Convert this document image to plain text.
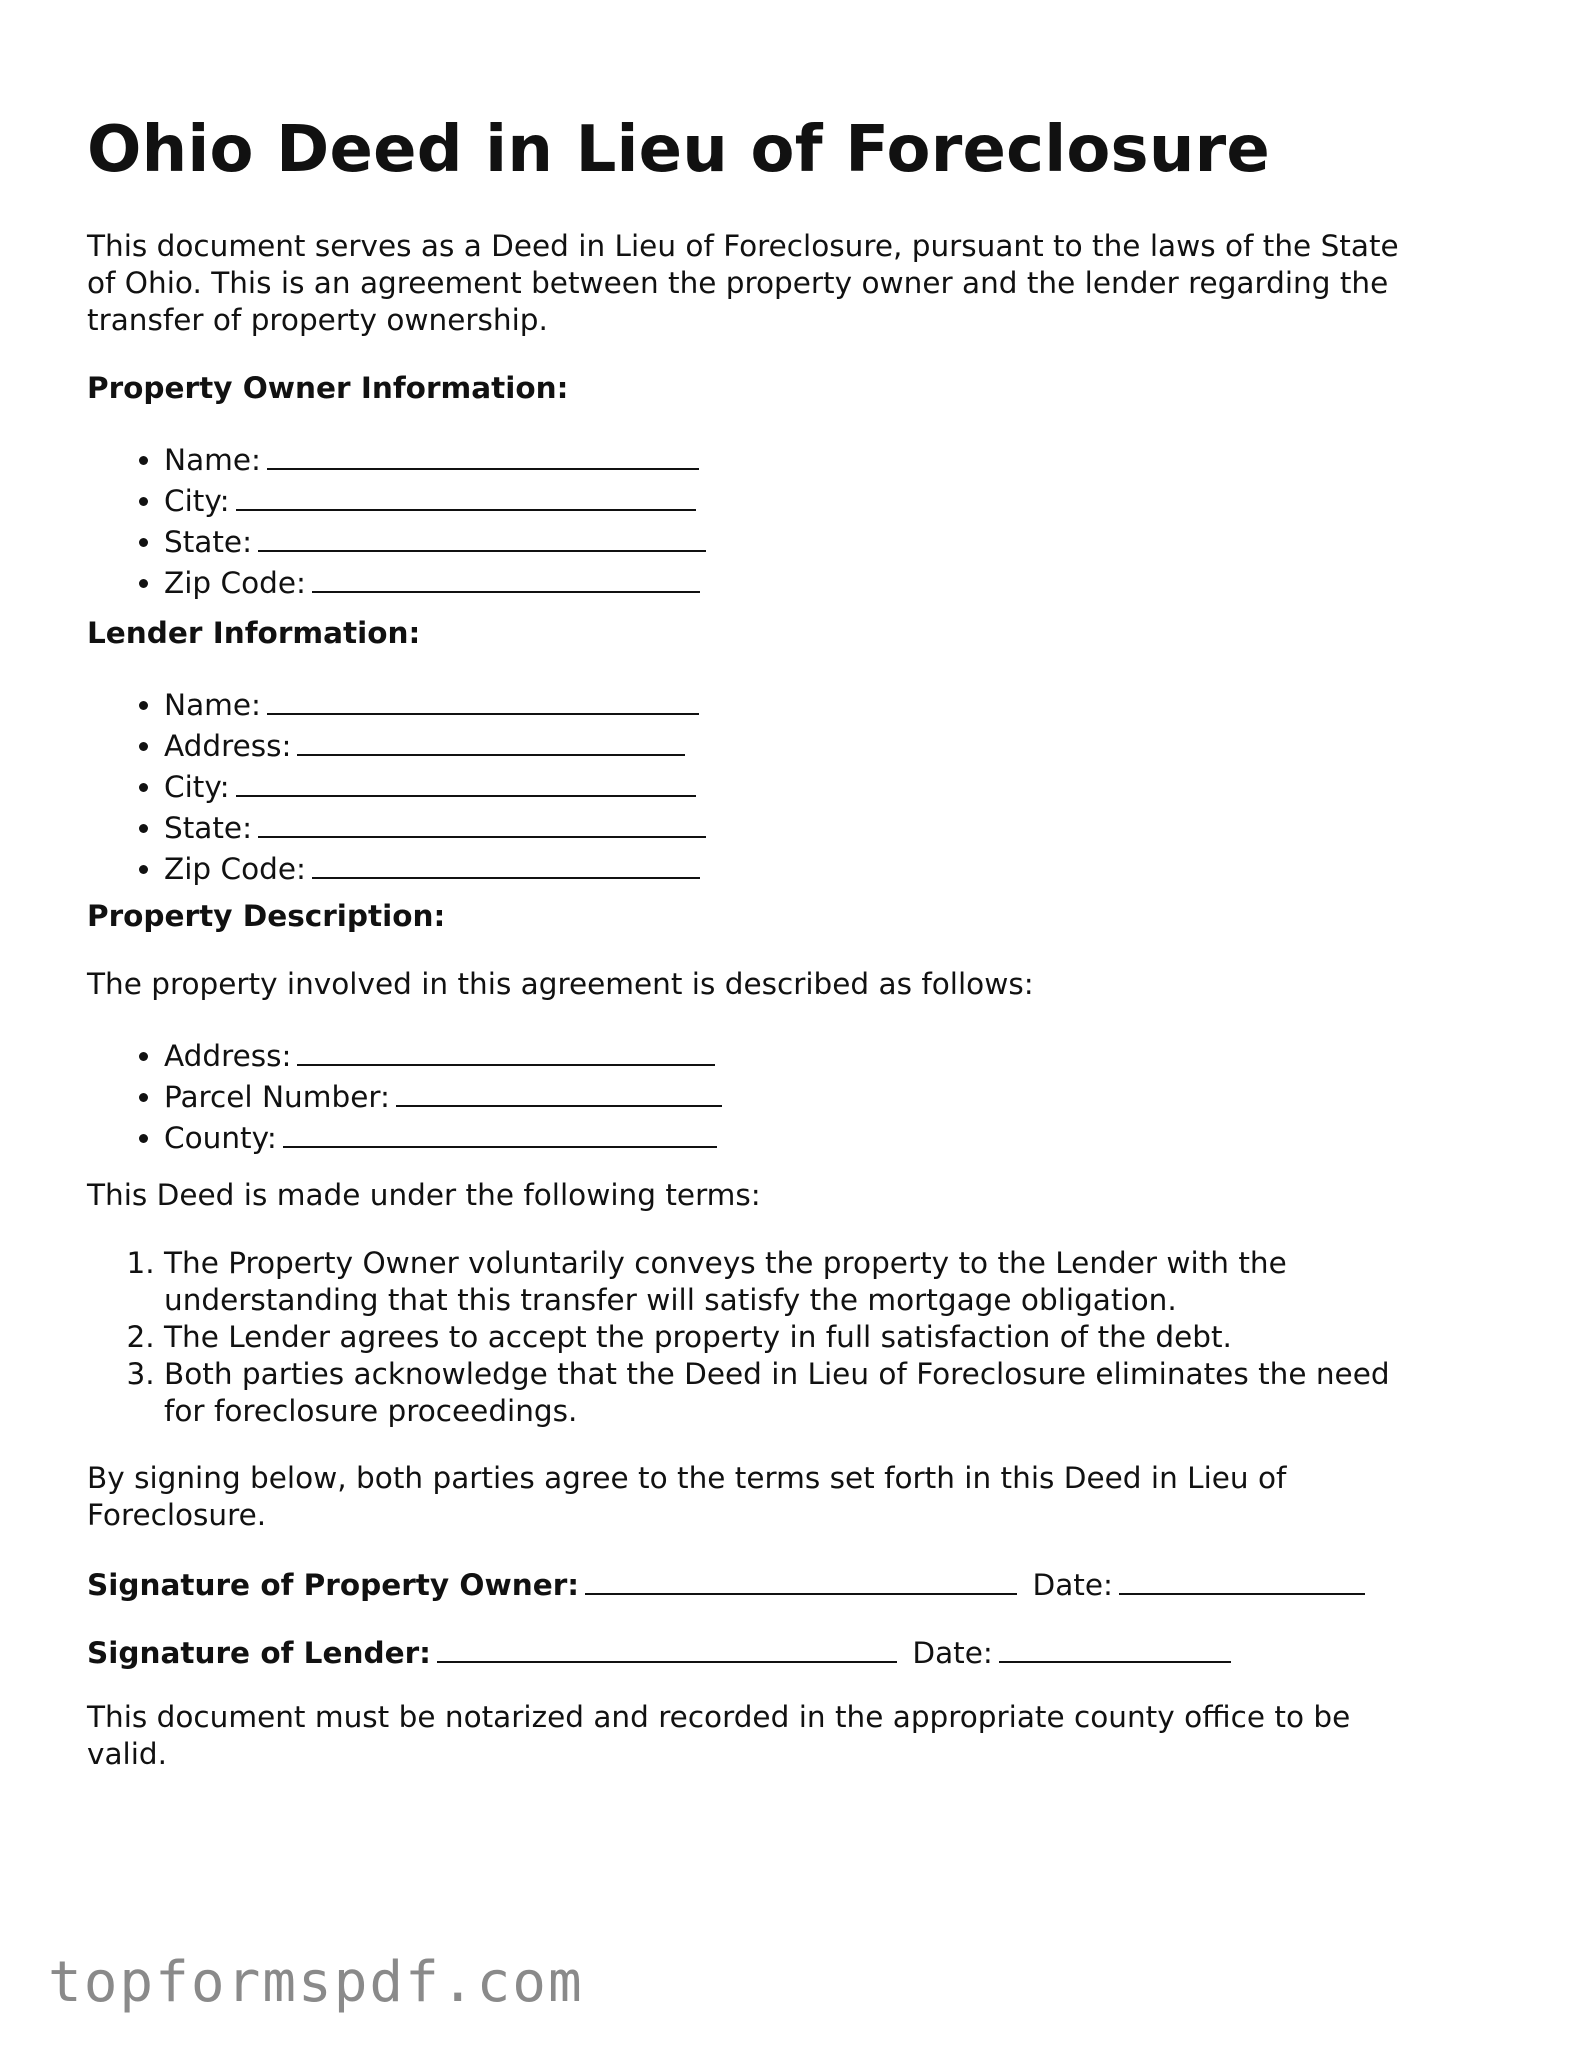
Ohio Deed in Lieu of Foreclosure
This document serves as a Deed in Lieu of Foreclosure, pursuant to the laws of the State
of Ohio. This is an agreement between the property owner and the lender regarding the
transfer of property ownership.
Property Owner Information:
• Name:
• City:
• State:
• Zip Code:
Lender Information:
• Name:
• Address:
• City:
• State:
• Zip Code:
Property Description:
The property involved in this agreement is described as follows:
• Address:
• Parcel Number:
• County:
This Deed is made under the following terms:
1. The Property Owner voluntarily conveys the property to the Lender with the
understanding that this transfer will satisfy the mortgage obligation.
2. The Lender agrees to accept the property in full satisfaction of the debt.
3. Both parties acknowledge that the Deed in Lieu of Foreclosure eliminates the need
for foreclosure proceedings.
By signing below, both parties agree to the terms set forth in this Deed in Lieu of
Foreclosure.
Signature of Property Owner:	Date:
Signature of Lender:	Date:
This document must be notarized and recorded in the appropriate county office to be
valid.
topformspdf.com
